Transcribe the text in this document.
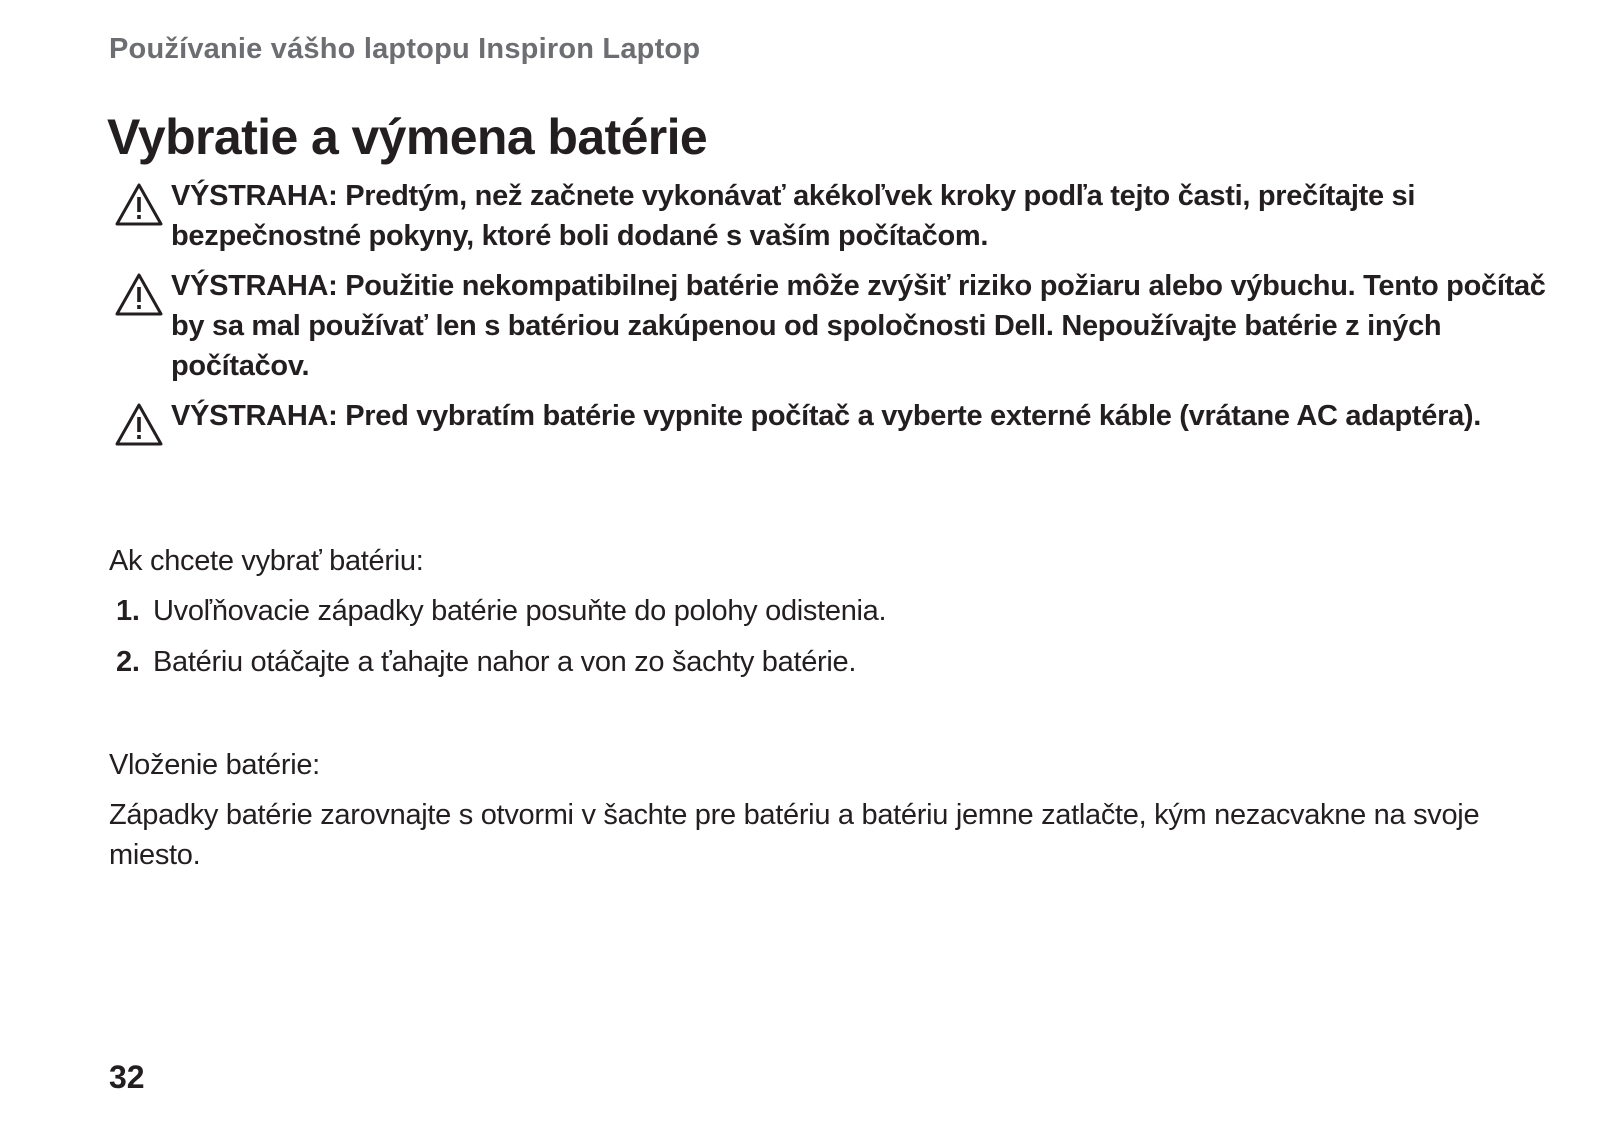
Používanie vášho laptopu Inspiron Laptop
Vybratie a výmena batérie
VÝSTRAHA: Predtým, než začnete vykonávať akékoľvek kroky podľa tejto časti, prečítajte si bezpečnostné pokyny, ktoré boli dodané s vaším počítačom.
VÝSTRAHA: Použitie nekompatibilnej batérie môže zvýšiť riziko požiaru alebo výbuchu. Tento počítač by sa mal používať len s batériou zakúpenou od spoločnosti Dell. Nepoužívajte batérie z iných počítačov.
VÝSTRAHA: Pred vybratím batérie vypnite počítač a vyberte externé káble (vrátane AC adaptéra).

Ak chcete vybrať batériu:

1. Uvoľňovacie západky batérie posuňte do polohy odistenia.
2. Batériu otáčajte a ťahajte nahor a von zo šachty batérie.

Vloženie batérie:

Západky batérie zarovnajte s otvormi v šachte pre batériu a batériu jemne zatlačte, kým nezacvakne na svoje miesto.

32
